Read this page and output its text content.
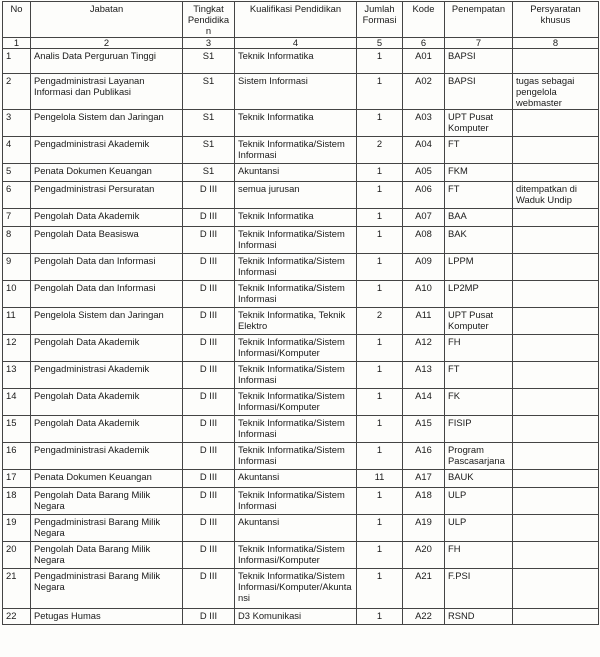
No	Jabatan	Tingkat Pendidikan	Kualifikasi Pendidikan	Jumlah Formasi	Kode	Penempatan	Persyaratan khusus
1	2	3	4	5	6	7	8
1	Analis Data Perguruan Tinggi	S1	Teknik Informatika	1	A01	BAPSI	
2	Pengadministrasi Layanan Informasi dan Publikasi	S1	Sistem Informasi	1	A02	BAPSI	tugas sebagai pengelola webmaster
3	Pengelola Sistem dan Jaringan	S1	Teknik Informatika	1	A03	UPT Pusat Komputer	
4	Pengadministrasi Akademik	S1	Teknik Informatika/Sistem Informasi	2	A04	FT	
5	Penata Dokumen Keuangan	S1	Akuntansi	1	A05	FKM	
6	Pengadministrasi Persuratan	D III	semua jurusan	1	A06	FT	ditempatkan di Waduk Undip
7	Pengolah Data Akademik	D III	Teknik Informatika	1	A07	BAA	
8	Pengolah Data Beasiswa	D III	Teknik Informatika/Sistem Informasi	1	A08	BAK	
9	Pengolah Data dan Informasi	D III	Teknik Informatika/Sistem Informasi	1	A09	LPPM	
10	Pengolah Data dan Informasi	D III	Teknik Informatika/Sistem Informasi	1	A10	LP2MP	
11	Pengelola Sistem dan Jaringan	D III	Teknik Informatika, Teknik Elektro	2	A11	UPT Pusat Komputer	
12	Pengolah Data Akademik	D III	Teknik Informatika/Sistem Informasi/Komputer	1	A12	FH	
13	Pengadministrasi Akademik	D III	Teknik Informatika/Sistem Informasi	1	A13	FT	
14	Pengolah Data Akademik	D III	Teknik Informatika/Sistem Informasi/Komputer	1	A14	FK	
15	Pengolah Data Akademik	D III	Teknik Informatika/Sistem Informasi	1	A15	FISIP	
16	Pengadministrasi Akademik	D III	Teknik Informatika/Sistem Informasi	1	A16	Program Pascasarjana	
17	Penata Dokumen Keuangan	D III	Akuntansi	11	A17	BAUK	
18	Pengolah Data Barang Milik Negara	D III	Teknik Informatika/Sistem Informasi	1	A18	ULP	
19	Pengadministrasi Barang Milik Negara	D III	Akuntansi	1	A19	ULP	
20	Pengolah Data Barang Milik Negara	D III	Teknik Informatika/Sistem Informasi/Komputer	1	A20	FH	
21	Pengadministrasi Barang Milik Negara	D III	Teknik Informatika/Sistem Informasi/Komputer/Akuntansi	1	A21	F.PSI	
22	Petugas Humas	D III	D3 Komunikasi	1	A22	RSND	
